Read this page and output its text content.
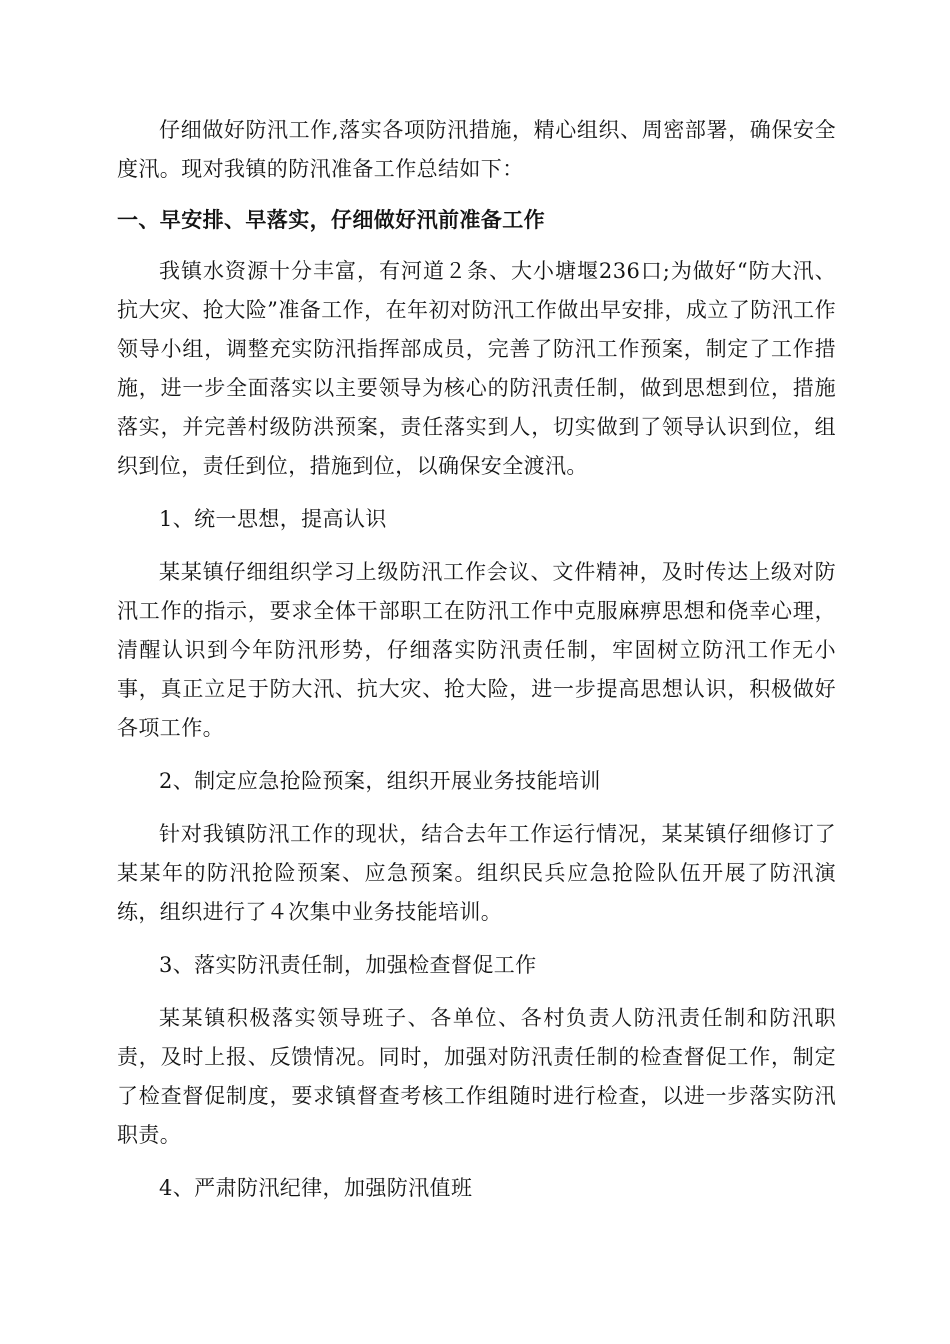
仔细做好防汛工作,落实各项防汛措施，精心组织、周密部署，确保安全度汛。现对我镇的防汛准备工作总结如下：

一、早安排、早落实，仔细做好汛前准备工作

我镇水资源十分丰富，有河道２条、大小塘堰236口;为做好“防大汛、抗大灾、抢大险”准备工作，在年初对防汛工作做出早安排，成立了防汛工作领导小组，调整充实防汛指挥部成员，完善了防汛工作预案，制定了工作措施，进一步全面落实以主要领导为核心的防汛责任制，做到思想到位，措施落实，并完善村级防洪预案，责任落实到人，切实做到了领导认识到位，组织到位，责任到位，措施到位，以确保安全渡汛。

1、统一思想，提高认识

某某镇仔细组织学习上级防汛工作会议、文件精神，及时传达上级对防汛工作的指示，要求全体干部职工在防汛工作中克服麻痹思想和侥幸心理，清醒认识到今年防汛形势，仔细落实防汛责任制，牢固树立防汛工作无小事，真正立足于防大汛、抗大灾、抢大险，进一步提高思想认识，积极做好各项工作。

2、制定应急抢险预案，组织开展业务技能培训

针对我镇防汛工作的现状，结合去年工作运行情况，某某镇仔细修订了某某年的防汛抢险预案、应急预案。组织民兵应急抢险队伍开展了防汛演练，组织进行了４次集中业务技能培训。

3、落实防汛责任制，加强检查督促工作

某某镇积极落实领导班子、各单位、各村负责人防汛责任制和防汛职责，及时上报、反馈情况。同时，加强对防汛责任制的检查督促工作，制定了检查督促制度，要求镇督查考核工作组随时进行检查，以进一步落实防汛职责。

4、严肃防汛纪律，加强防汛值班
